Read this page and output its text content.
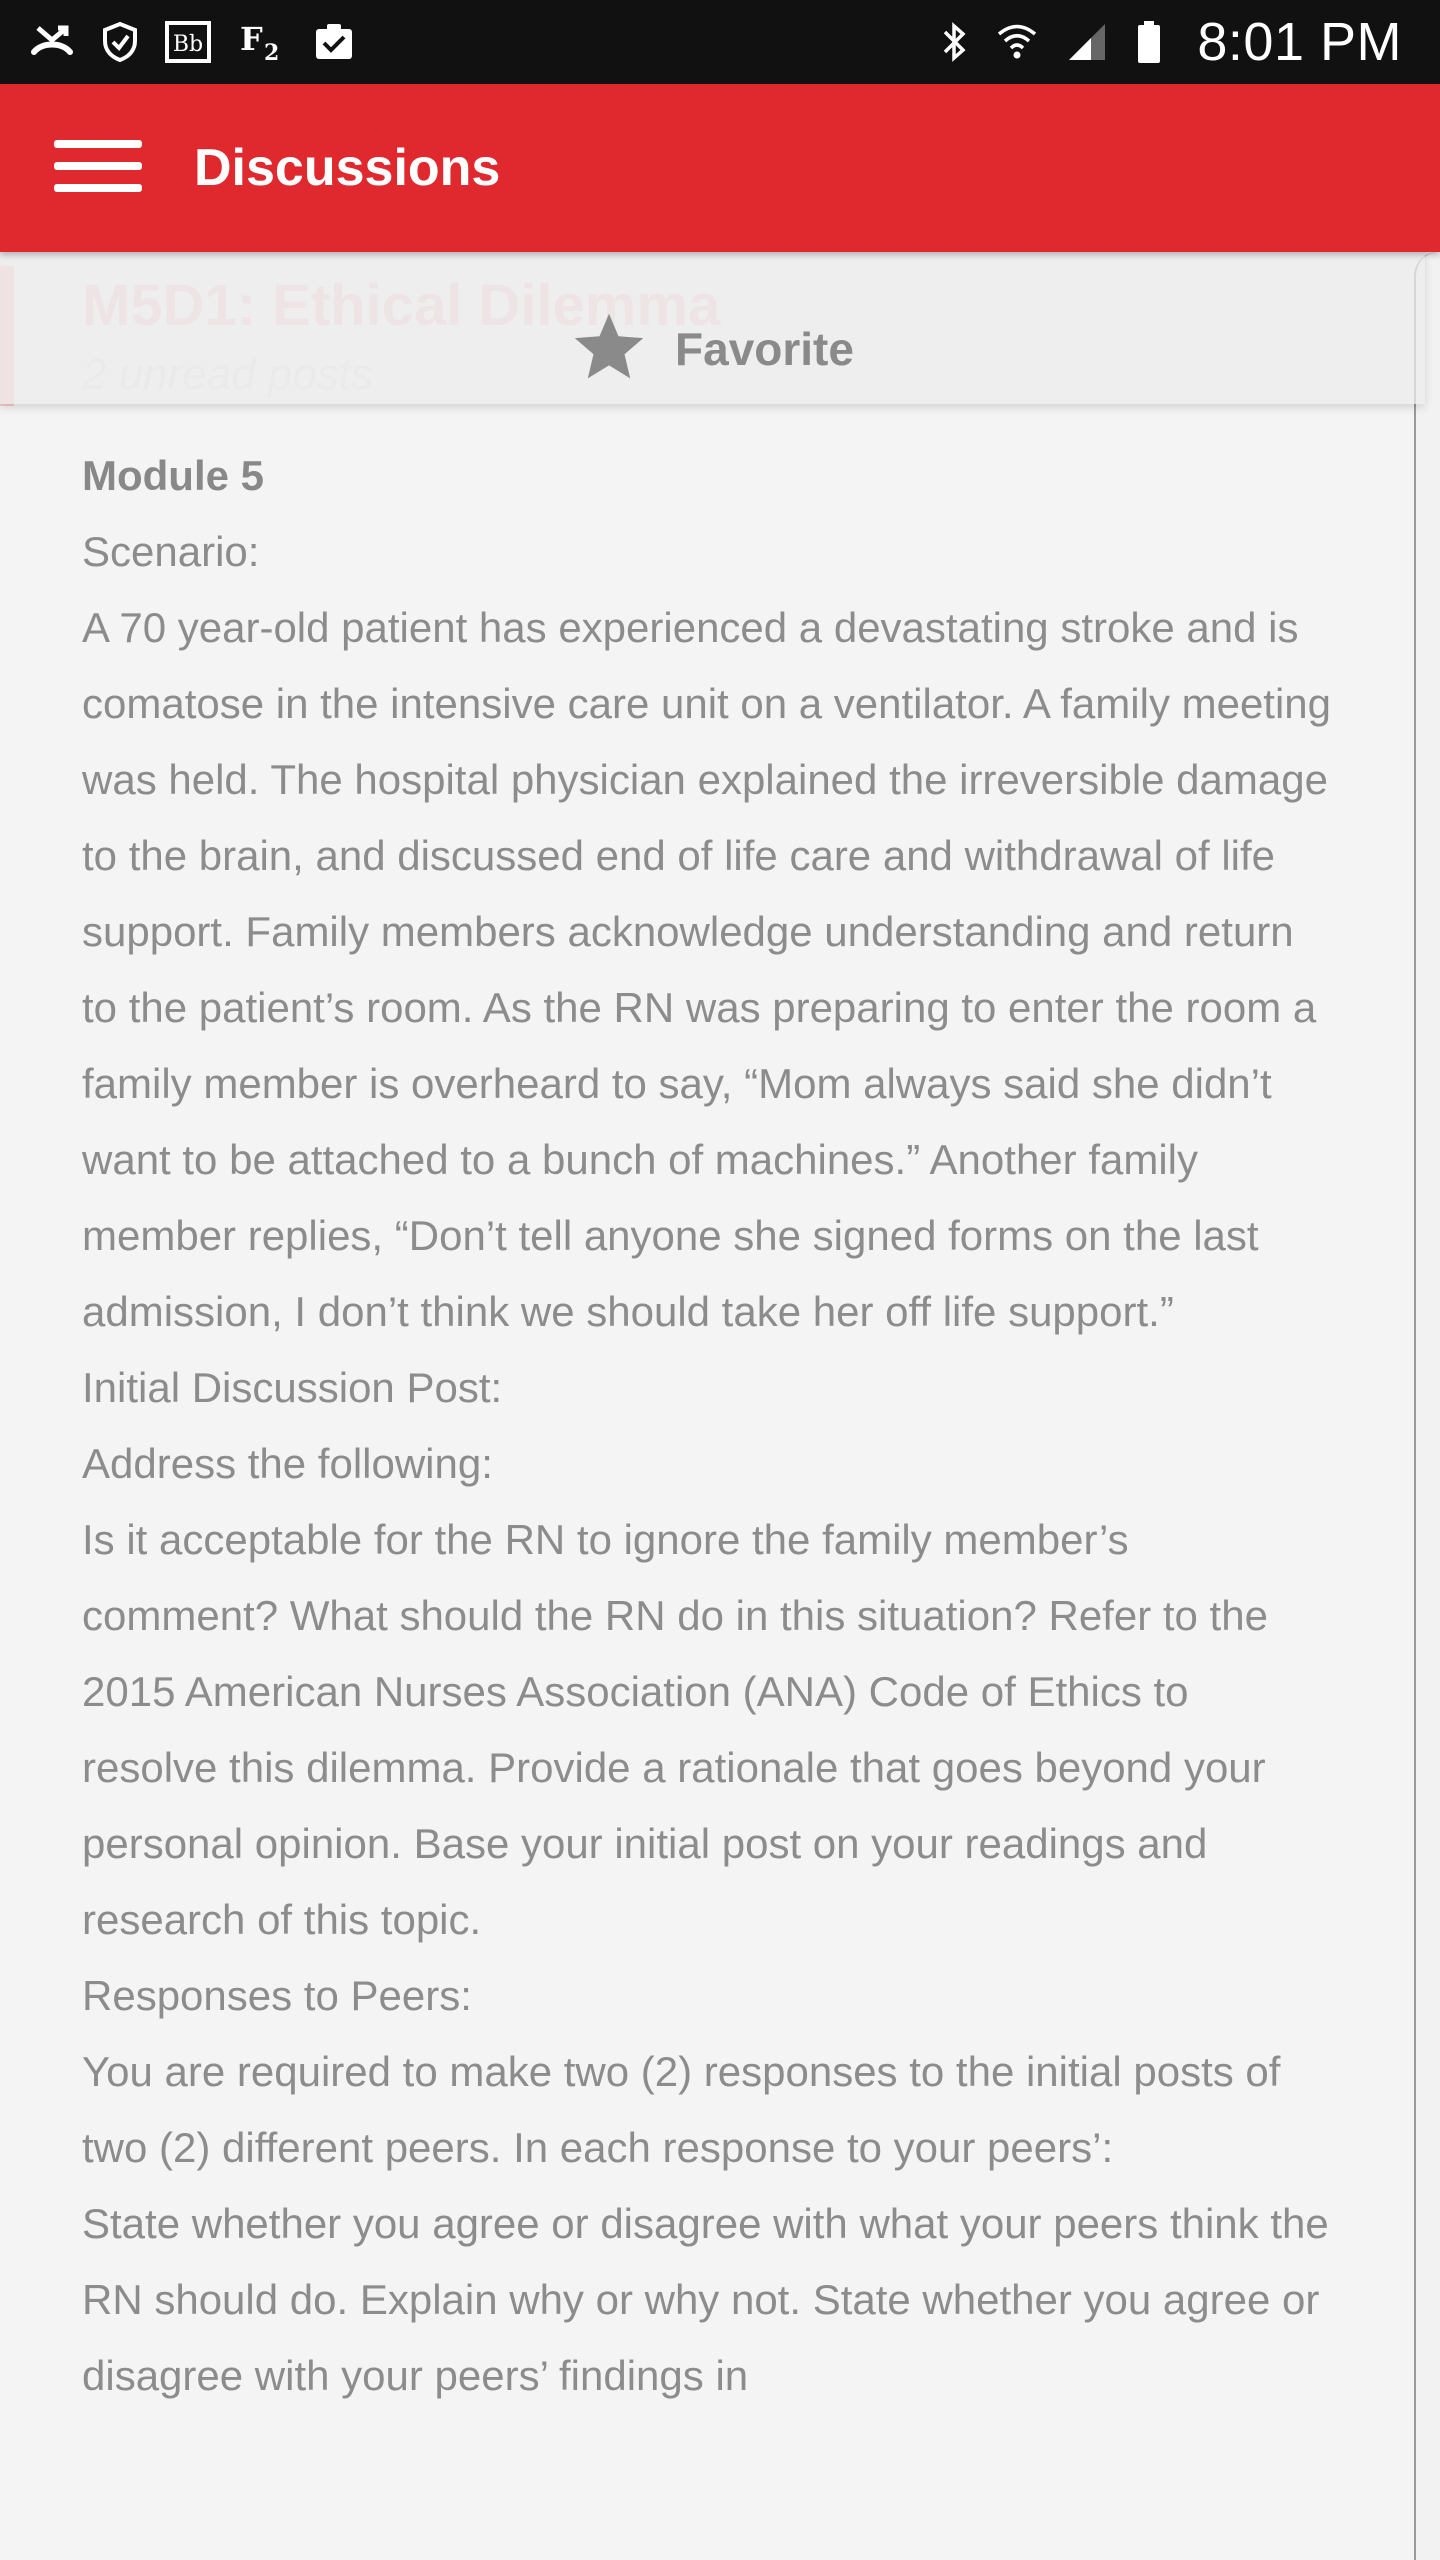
Bb F 2	8:01 PM
Discussions
Favorite

Module 5

Scenario:

A 70 year-old patient has experienced a devastating stroke and is comatose in the intensive care unit on a ventilator. A family meeting was held. The hospital physician explained the irreversible damage to the brain, and discussed end of life care and withdrawal of life support. Family members acknowledge understanding and return to the patient’s room. As the RN was preparing to enter the room a family member is overheard to say, “Mom always said she didn’t want to be attached to a bunch of machines.” Another family member replies, “Don’t tell anyone she signed forms on the last admission, I don’t think we should take her off life support.”

Initial Discussion Post:

Address the following:

Is it acceptable for the RN to ignore the family member’s comment? What should the RN do in this situation? Refer to the 2015 American Nurses Association (ANA) Code of Ethics to resolve this dilemma. Provide a rationale that goes beyond your personal opinion. Base your initial post on your readings and research of this topic.

Responses to Peers:

You are required to make two (2) responses to the initial posts of two (2) different peers. In each response to your peers’:

State whether you agree or disagree with what your peers think the RN should do. Explain why or why not. State whether you agree or disagree with your peers’ findings in
